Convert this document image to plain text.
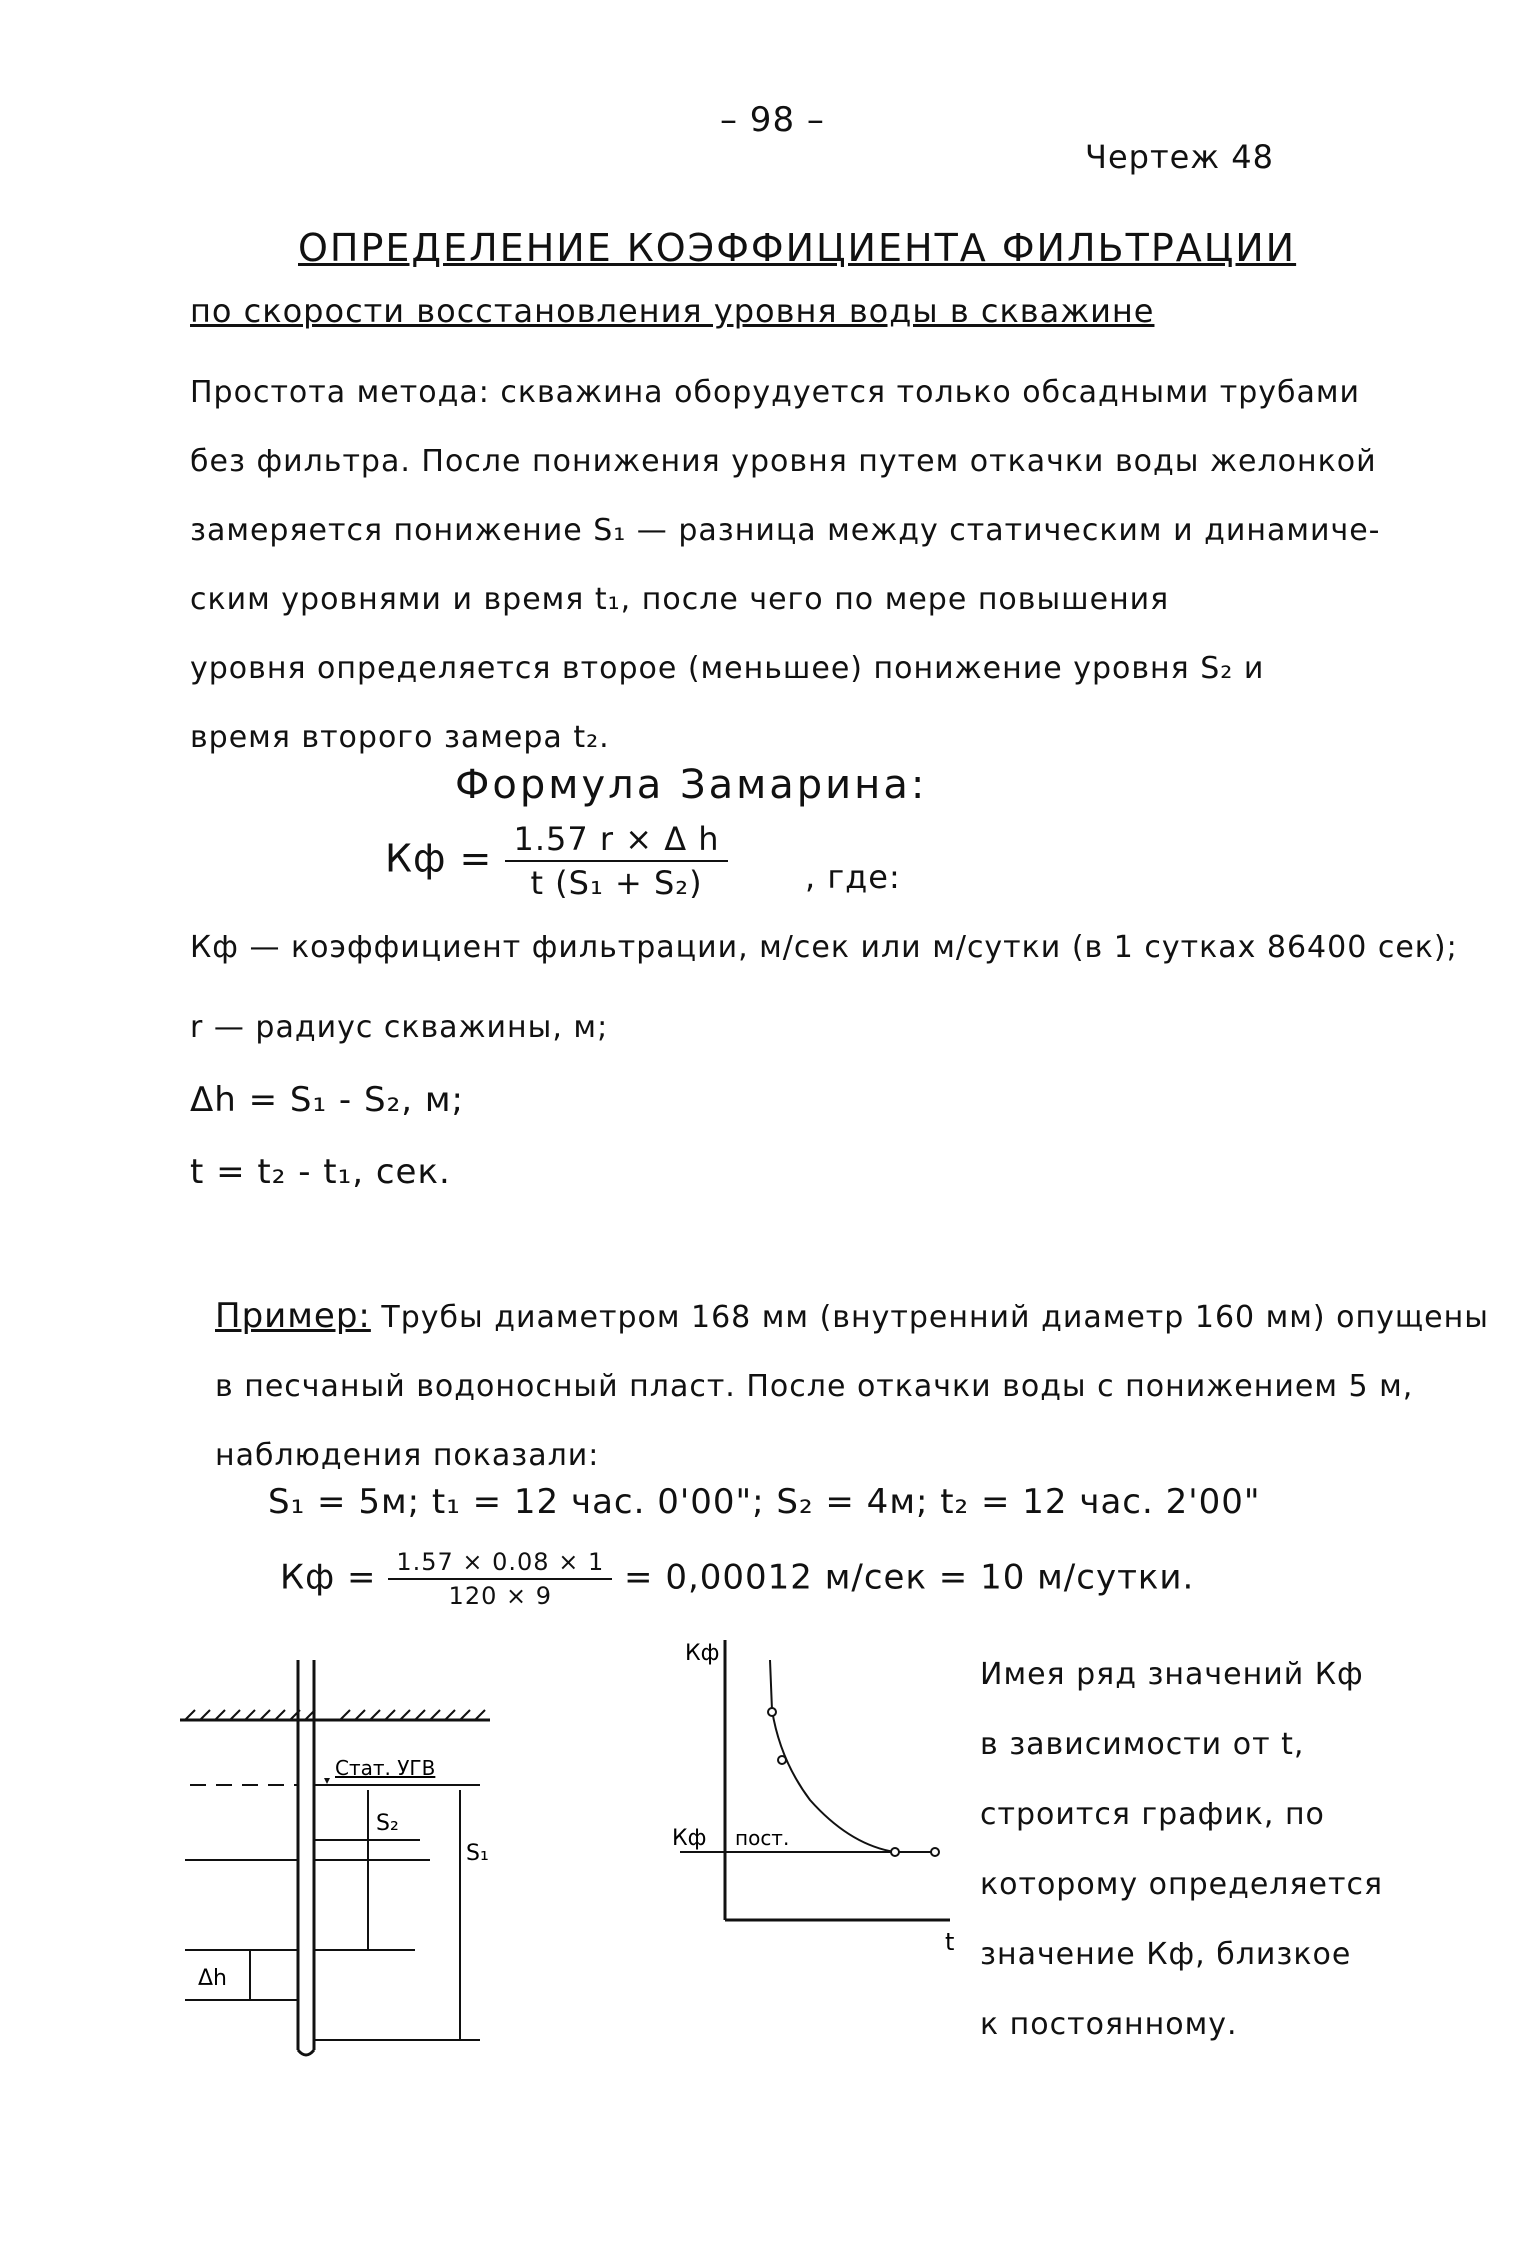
– 98 –
Чертеж 48
ОПРЕДЕЛЕНИЕ КОЭФФИЦИЕНТА ФИЛЬТРАЦИИ
по скорости восстановления уровня воды в скважине

Простота метода: скважина оборудуется только обсадными трубами

без фильтра. После понижения уровня путем откачки воды желонкой

замеряется понижение S₁ — разница между статическим и динамиче-

ским уровнями и время t₁, после чего по мере повышения

уровня определяется второе (меньшее) понижение уровня S₂ и

время второго замера t₂.

Формула Замарина:
Кф = $\frac{\text{1.57 r × Δ h}}{\text{t (S₁ + S₂)}}$ , где:
Кф — коэффициент фильтрации, м/сек или м/сутки (в 1 сутках 86400 сек);
r — радиус скважины, м;
Δh = S₁ - S₂, м;
t = t₂ - t₁, сек.

Пример: Трубы диаметром 168 мм (внутренний диаметр 160 мм) опущены

в песчаный водоносный пласт. После откачки воды с понижением 5 м,

наблюдения показали:

S₁ = 5м; t₁ = 12 час. 0'00"; S₂ = 4м; t₂ = 12 час. 2'00"
Кф = $\frac{1.57 \times 0.08 \times 1}{120 \times 9} = 0,00012$ м/сек = 10 м/сутки.
Стат. УГВ
S₂
S₁
Δh
Кф
t
Кф пост.

Имея ряд значений Кф

в зависимости от t,

строится график, по

которому определяется

значение Кф, близкое

к постоянному.
